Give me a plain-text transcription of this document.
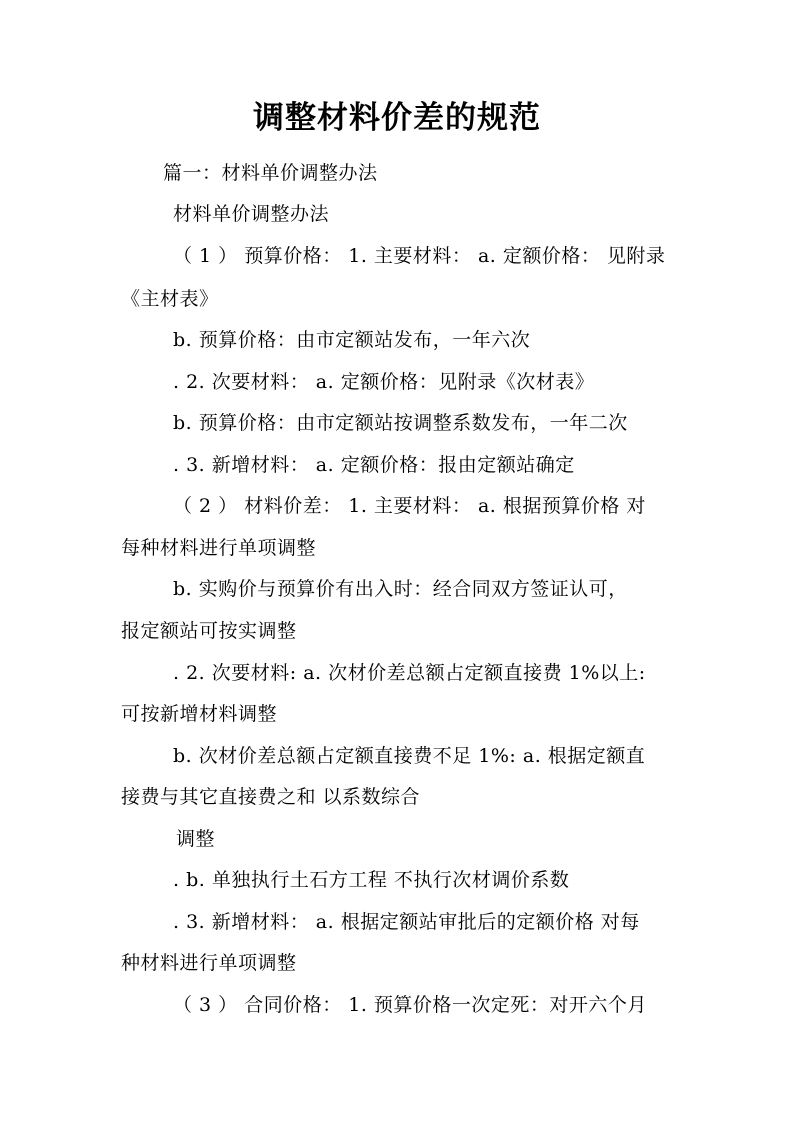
调整材料价差的规范

篇一：材料单价调整办法

材料单价调整办法

（ 1 ） 预算价格： 1. 主要材料： a. 定额价格： 见附录

《主材表》

b. 预算价格：由市定额站发布，一年六次

. 2. 次要材料： a. 定额价格：见附录《次材表》

b. 预算价格：由市定额站按调整系数发布，一年二次

. 3. 新增材料： a. 定额价格：报由定额站确定

（ 2 ） 材料价差： 1. 主要材料： a. 根据预算价格 对

每种材料进行单项调整

b. 实购价与预算价有出入时：经合同双方签证认可，

报定额站可按实调整

. 2. 次要材料: a. 次材价差总额占定额直接费 1%以上:

可按新增材料调整

b. 次材价差总额占定额直接费不足 1%: a. 根据定额直

接费与其它直接费之和 以系数综合

调整

. b. 单独执行土石方工程 不执行次材调价系数

. 3. 新增材料： a. 根据定额站审批后的定额价格 对每

种材料进行单项调整

（ 3 ） 合同价格： 1. 预算价格一次定死：对开六个月
